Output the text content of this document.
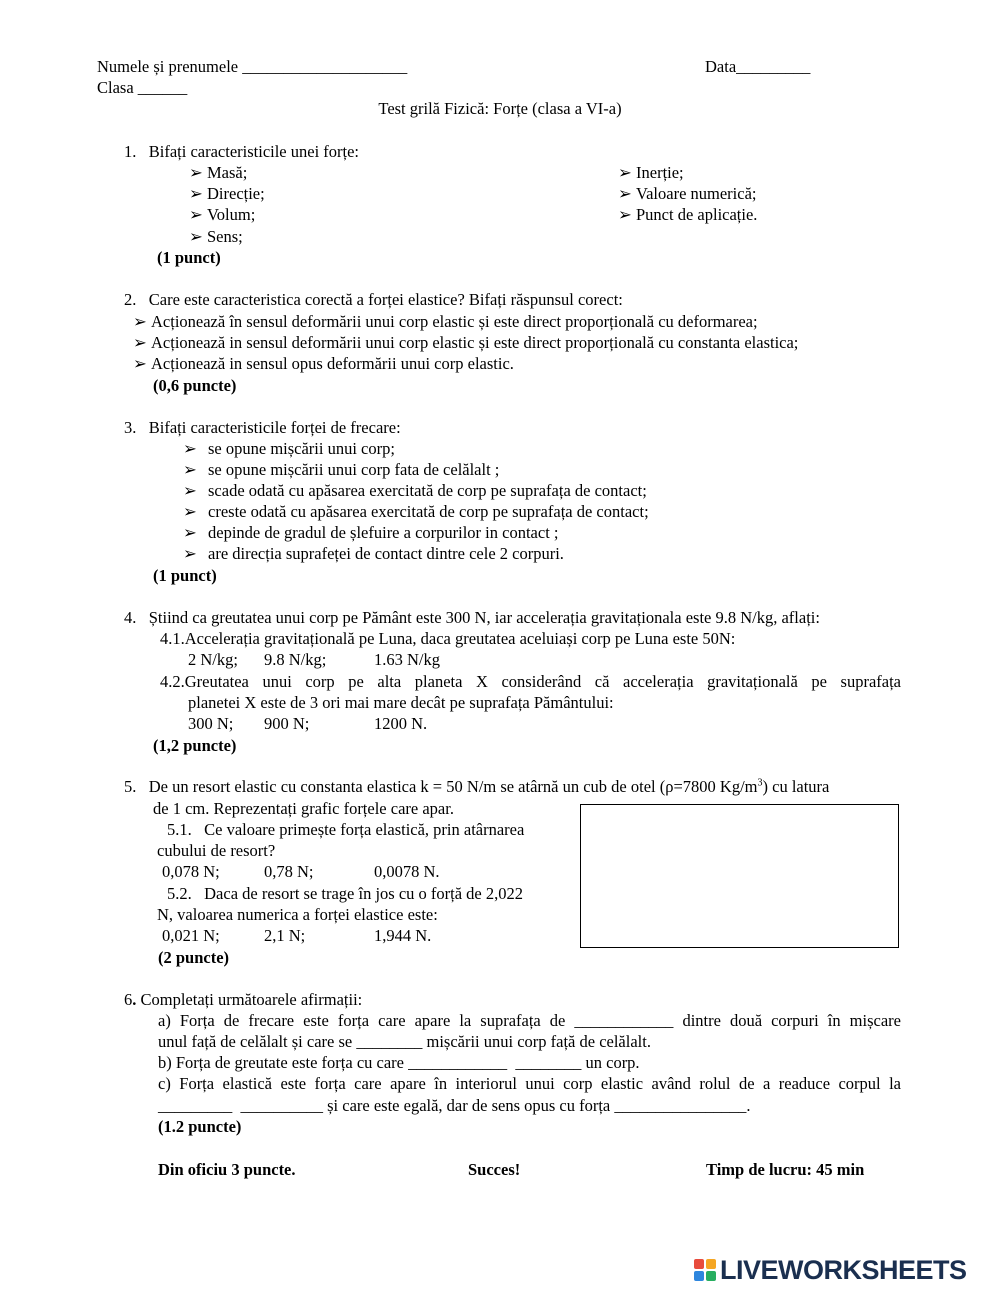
Numele și prenumele ____________________	Data_________
Clasa ______
Test grilă Fizică: Forțe (clasa a VI-a)
1.   Bifați caracteristicile unei forțe:
➢ Masă;
➢ Direcție;
➢ Volum;
➢ Sens;
➢ Inerție;
➢ Valoare numerică;
➢ Punct de aplicație.
(1 punct)
2.   Care este caracteristica corectă a forței elastice? Bifați răspunsul corect:
➢ Acționează în sensul deformării unui corp elastic și este direct proporțională cu deformarea;
➢ Acționează in sensul deformării unui corp elastic și este direct proporțională cu constanta elastica;
➢ Acționează in sensul opus deformării unui corp elastic.
(0,6 puncte)
3.   Bifați caracteristicile forței de frecare:
➢ se opune mișcării unui corp;
➢ se opune mișcării unui corp fata de celălalt ;
➢ scade odată cu apăsarea exercitată de corp pe suprafața de contact;
➢ creste odată cu apăsarea exercitată de corp pe suprafața de contact;
➢ depinde de gradul de șlefuire a corpurilor in contact ;
➢ are direcția suprafeței de contact dintre cele 2 corpuri.
(1 punct)
4.   Știind ca greutatea unui corp pe Pământ este 300 N, iar accelerația gravitaționala este 9.8 N/kg, aflați:
4.1.Accelerația gravitațională pe Luna, daca greutatea aceluiași corp pe Luna este 50N:
2 N/kg; 9.8 N/kg;	1.63 N/kg
4.2.Greutatea unui corp pe alta planeta X considerând că accelerația gravitațională pe suprafața
planetei X este de 3 ori mai mare decât pe suprafața Pământului:
300 N; 900 N;	1200 N.
(1,2 puncte)
5.   De un resort elastic cu constanta elastica k = 50 N/m se atârnă un cub de otel (ρ=7800 $Kg/m^3$) cu latura
de 1 cm. Reprezentați grafic forțele care apar.
5.1.   Ce valoare primește forța elastică, prin atârnarea
cubului de resort?
0,078 N;	0,78 N;	0,0078 N.
5.2.   Daca de resort se trage în jos cu o forță de 2,022
N, valoarea numerica a forței elastice este:
0,021 N;	2,1 N;	1,944 N.
(2 puncte)
6. Completați următoarele afirmații:
a) Forța de frecare este forța care apare la suprafața de ____________ dintre două corpuri în mișcare
unul față de celălalt și care se ________ mișcării unui corp față de celălalt.
b) Forța de greutate este forța cu care ____________  ________ un corp.
c) Forța elastică este forța care apare în interiorul unui corp elastic având rolul de a readuce corpul la
_________  __________ și care este egală, dar de sens opus cu forța ________________.
(1.2 puncte)
Din oficiu 3 puncte.	Succes!	Timp de lucru: 45 min
LIVEWORKSHEETS
